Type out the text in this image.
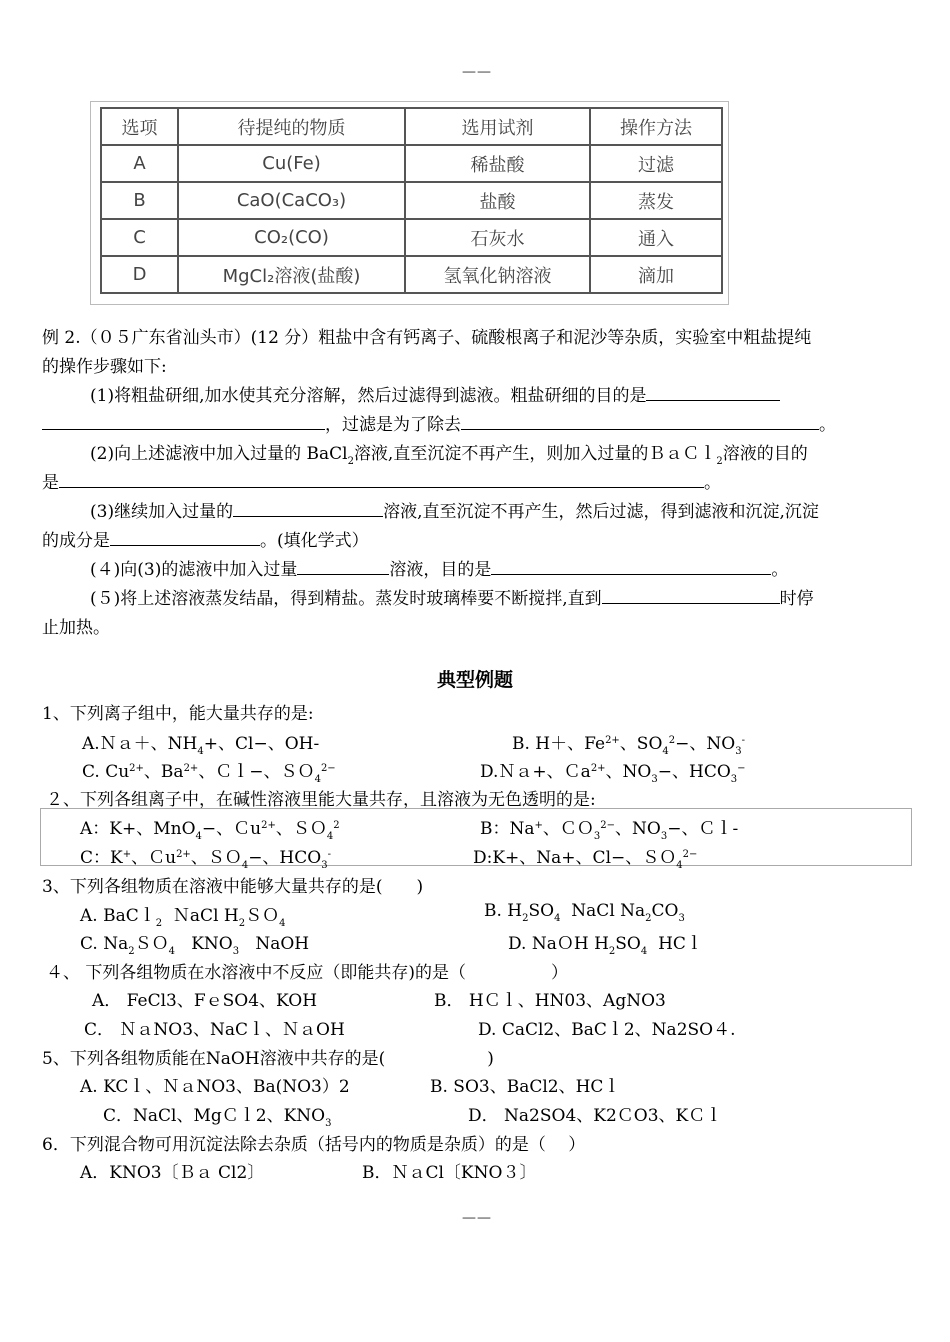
——
选项	待提纯的物质	选用试剂	操作方法
A	Cu(Fe)	稀盐酸	过滤
B	CaO(CaCO₃)	盐酸	蒸发
C	CO₂(CO)	石灰水	通入
D	MgCl₂溶液(盐酸)	氢氧化钠溶液	滴加
例 2.（０５广东省汕头市）(12 分）粗盐中含有钙离子、硫酸根离子和泥沙等杂质，实验室中粗盐提纯
的操作步骤如下:
(1)将粗盐研细,加水使其充分溶解，然后过滤得到滤液。粗盐研细的目的是
，过滤是为了除去	。
(2)向上述滤液中加入过量的 BaCl$_2$溶液,直至沉淀不再产生，则加入过量的ＢａＣｌ$_2$溶液的目的
是	。
(3)继续加入过量的	溶液,直至沉淀不再产生，然后过滤，得到滤液和沉淀,沉淀
的成分是	。(填化学式）
(４)向(3)的滤液中加入过量	溶液，目的是	。
(５)将上述溶液蒸发结晶，得到精盐。蒸发时玻璃棒要不断搅拌,直到	时停
止加热。
典型例题
1、下列离子组中，能大量共存的是:
A.Ｎａ＋、$NH_4+$、Cl−、OH-	B. H＋、$Fe^{2+}$、$SO_4^2-$、$NO_3^-$
C. $Cu^{2+}$、$Ba^{2+}$、Ｃｌ−、ＳＯ$_4^{2-}$	D.Ｎａ+、Ｃa$^{2+}$、$NO_3-$、$HCO_3^-$
２、下列各组离子中，在碱性溶液里能大量共存，且溶液为无色透明的是:
A：K+、MnO$_4$−、Ｃu$^{2+}$、ＳＯ$_4^2$	B：Na+、ＣＯ$_3^{2-}$、$NO_3-$、Ｃｌ-
C：K+、Ｃu$^{2+}$、ＳＯ$_4$−、$HCO_3^-$	D:K+、Na+、Cl−、ＳＯ$_4^{2-}$
3、下列各组物质在溶液中能够大量共存的是(　　)
A. BaCｌ$_2$ ＮaCl $H_2SO_4$
B. $H_2SO_4$ NaCl $Na_2CO_3$
C. $Na_2SO_4$ $KNO_3$ NaOH	D. NaＯH $H_2SO_4$ HCｌ
４、 下列各组物质在水溶液中不反应（即能共存)的是（　　　　　）
A． FeCl3、FｅSO4、KOH	B． HＣｌ、HN03、AgNO3
C． ＮａNO3、NaCｌ、ＮａOH	D. CaCl2、BaCｌ2、Na2SO４.
5、下列各组物质能在NaOH溶液中共存的是(　　　　　　)
A. KCｌ、ＮａNO3、Ba(NO3）2	B. SO3、BaCl2、HCｌ
C．NaCl、MgＣｌ2、$KNO_3$	D． Na2SO4、K2ＣO3、KＣｌ
6．下列混合物可用沉淀法除去杂质（括号内的物质是杂质）的是（　 ）
A．KNO3〔Ｂａ Cl2〕	B．ＮａCl〔KNO３〕
——
